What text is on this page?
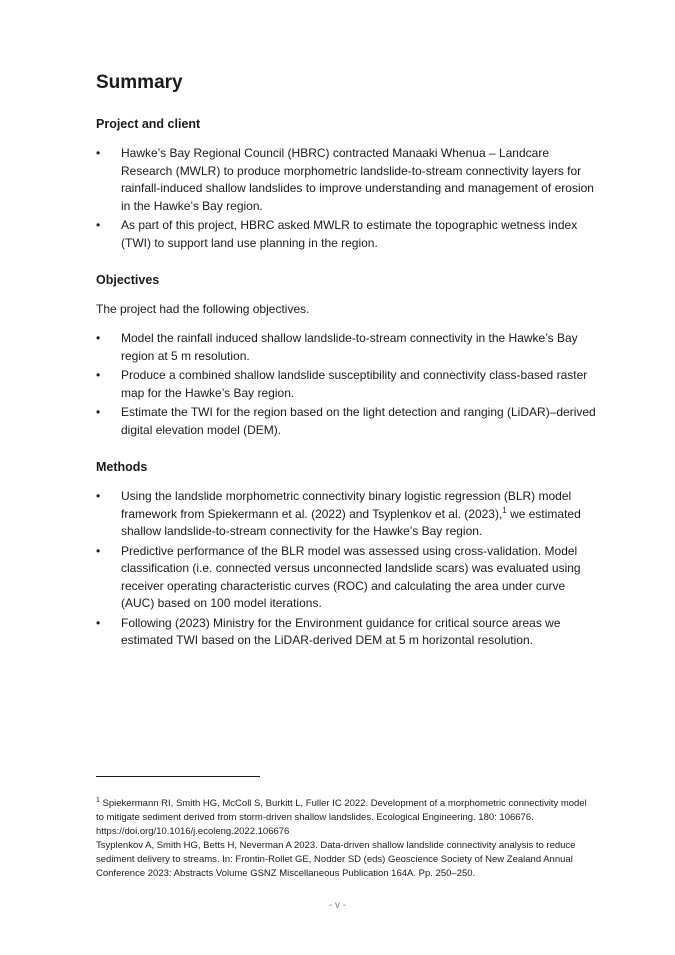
Summary
Project and client
• Hawke’s Bay Regional Council (HBRC) contracted Manaaki Whenua – Landcare Research (MWLR) to produce morphometric landslide-to-stream connectivity layers for rainfall-induced shallow landslides to improve understanding and management of erosion in the Hawke’s Bay region.
• As part of this project, HBRC asked MWLR to estimate the topographic wetness index (TWI) to support land use planning in the region.
Objectives

The project had the following objectives.

• Model the rainfall induced shallow landslide-to-stream connectivity in the Hawke’s Bay region at 5 m resolution.
• Produce a combined shallow landslide susceptibility and connectivity class-based raster map for the Hawke’s Bay region.
• Estimate the TWI for the region based on the light detection and ranging (LiDAR)–derived digital elevation model (DEM).
Methods
• Using the landslide morphometric connectivity binary logistic regression (BLR) model framework from Spiekermann et al. (2022) and Tsyplenkov et al. (2023),$^1$ we estimated shallow landslide-to-stream connectivity for the Hawke’s Bay region.
• Predictive performance of the BLR model was assessed using cross-validation. Model classification (i.e. connected versus unconnected landslide scars) was evaluated using receiver operating characteristic curves (ROC) and calculating the area under curve (AUC) based on 100 model iterations.
• Following (2023) Ministry for the Environment guidance for critical source areas we estimated TWI based on the LiDAR-derived DEM at 5 m horizontal resolution.
$^1$ Spiekermann RI, Smith HG, McColl S, Burkitt L, Fuller IC 2022. Development of a morphometric connectivity model to mitigate sediment derived from storm-driven shallow landslides. Ecological Engineering. 180: 106676. https://doi.org/10.1016/j.ecoleng.2022.106676
Tsyplenkov A, Smith HG, Betts H, Neverman A 2023. Data-driven shallow landslide connectivity analysis to reduce sediment delivery to streams. In: Frontin-Rollet GE, Nodder SD (eds) Geoscience Society of New Zealand Annual Conference 2023: Abstracts Volume GSNZ Miscellaneous Publication 164A. Pp. 250–250.
- v -
